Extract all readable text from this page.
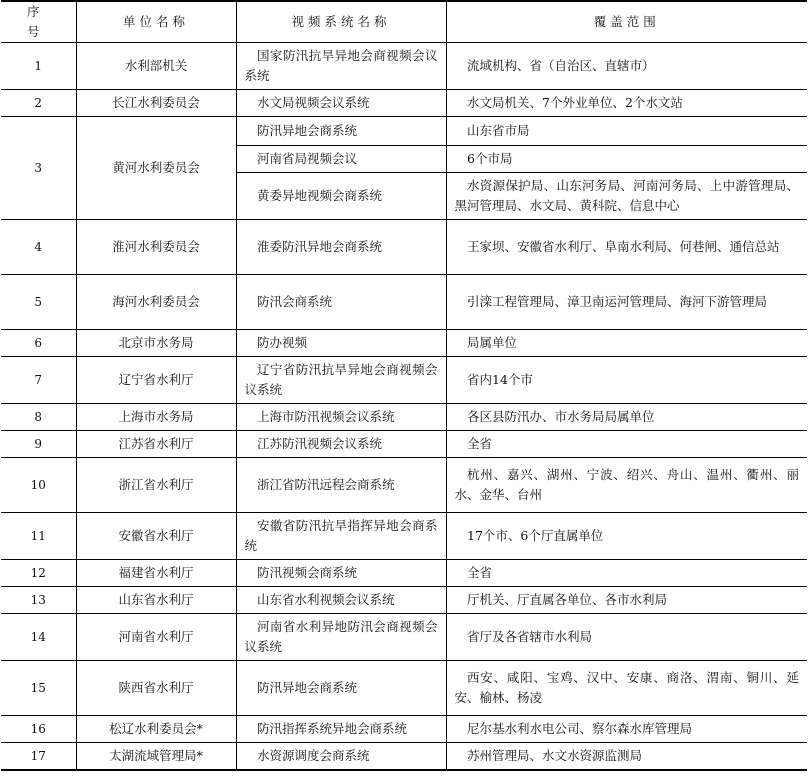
序　号	单位名称	视频系统名称	覆盖范围
1	水利部机关	国家防汛抗旱异地会商视频会议系统	流域机构、省（自治区、直辖市）
2	长江水利委员会	水文局视频会议系统	水文局机关、7个外业单位、2个水文站
3	黄河水利委员会	防汛异地会商系统	山东省市局
		河南省局视频会议	6个市局
		黄委异地视频会商系统	水资源保护局、山东河务局、河南河务局、上中游管理局、黑河管理局、水文局、黄科院、信息中心
4	淮河水利委员会	淮委防汛异地会商系统	王家坝、安徽省水利厅、阜南水利局、何巷闸、通信总站
5	海河水利委员会	防汛会商系统	引滦工程管理局、漳卫南运河管理局、海河下游管理局
6	北京市水务局	防办视频	局属单位
7	辽宁省水利厅	辽宁省防汛抗旱异地会商视频会议系统	省内14个市
8	上海市水务局	上海市防汛视频会议系统	各区县防汛办、市水务局局属单位
9	江苏省水利厅	江苏防汛视频会议系统	全省
10	浙江省水利厅	浙江省防汛远程会商系统	杭州、嘉兴、湖州、宁波、绍兴、舟山、温州、衢州、丽水、金华、台州
11	安徽省水利厅	安徽省防汛抗旱指挥异地会商系统	17个市、6个厅直属单位
12	福建省水利厅	防汛视频会商系统	全省
13	山东省水利厅	山东省水利视频会议系统	厅机关、厅直属各单位、各市水利局
14	河南省水利厅	河南省水利异地防汛会商视频会议系统	省厅及各省辖市水利局
15	陕西省水利厅	防汛异地会商系统	西安、咸阳、宝鸡、汉中、安康、商洛、渭南、铜川、延安、榆林、杨凌
16	松辽水利委员会*	防汛指挥系统异地会商系统	尼尔基水利水电公司、察尔森水库管理局
17	太湖流域管理局*	水资源调度会商系统	苏州管理局、水文水资源监测局
